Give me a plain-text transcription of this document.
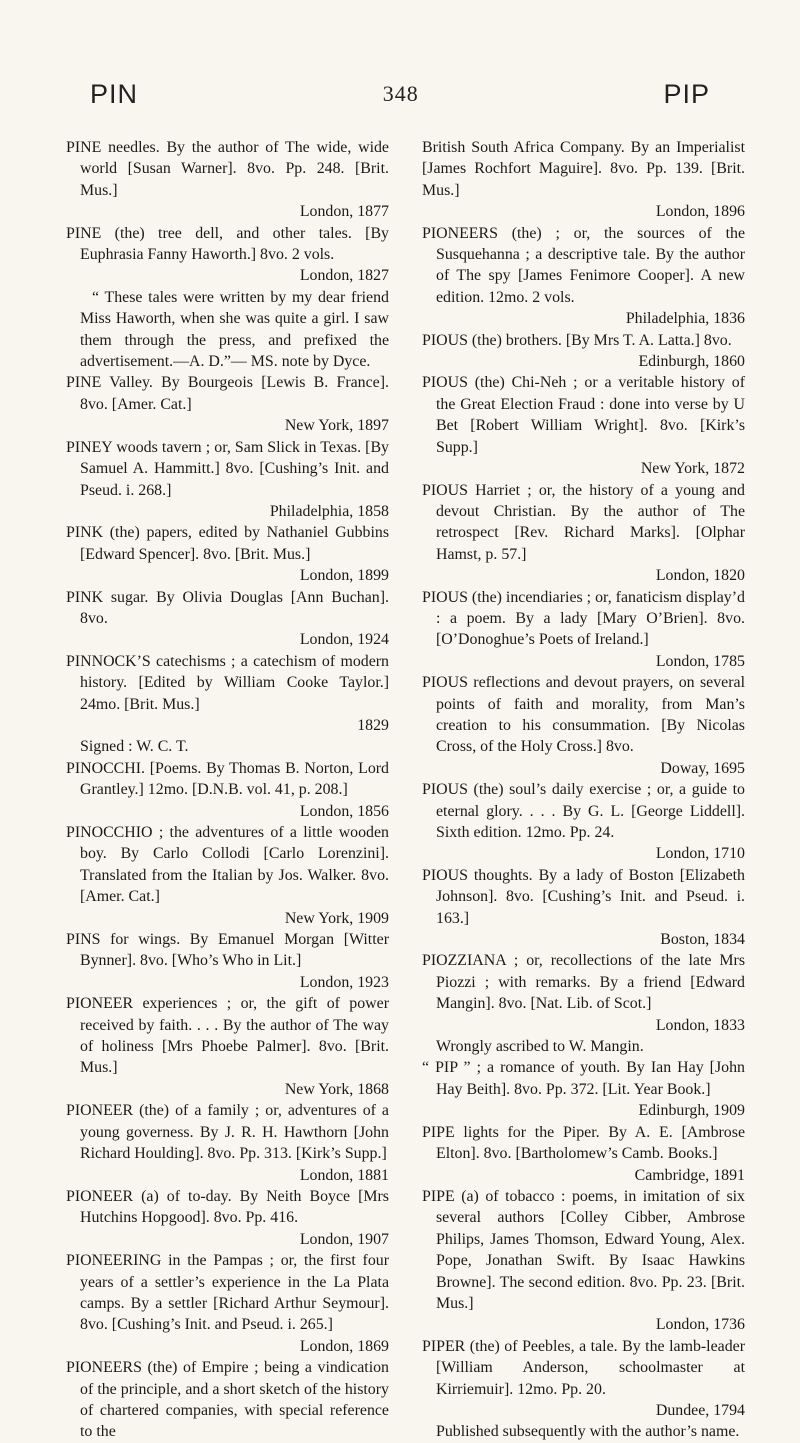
PIN	348	PIP
PINE needles. By the author of The wide, wide world [Susan Warner]. 8vo. Pp. 248. [Brit. Mus.]
London, 1877
PINE (the) tree dell, and other tales. [By Euphrasia Fanny Haworth.] 8vo. 2 vols.
London, 1827
“ These tales were written by my dear friend Miss Haworth, when she was quite a girl. I saw them through the press, and prefixed the advertisement.—A. D.”— MS. note by Dyce.
PINE Valley. By Bourgeois [Lewis B. France]. 8vo. [Amer. Cat.]
New York, 1897
PINEY woods tavern ; or, Sam Slick in Texas. [By Samuel A. Hammitt.] 8vo. [Cushing’s Init. and Pseud. i. 268.]
Philadelphia, 1858
PINK (the) papers, edited by Nathaniel Gubbins [Edward Spencer]. 8vo. [Brit. Mus.]
London, 1899
PINK sugar. By Olivia Douglas [Ann Buchan]. 8vo.
London, 1924
PINNOCK’S catechisms ; a catechism of modern history. [Edited by William Cooke Taylor.] 24mo. [Brit. Mus.]
1829
Signed : W. C. T.
PINOCCHI. [Poems. By Thomas B. Norton, Lord Grantley.] 12mo. [D.N.B. vol. 41, p. 208.]
London, 1856
PINOCCHIO ; the adventures of a little wooden boy. By Carlo Collodi [Carlo Lorenzini]. Translated from the Italian by Jos. Walker. 8vo. [Amer. Cat.]
New York, 1909
PINS for wings. By Emanuel Morgan [Witter Bynner]. 8vo. [Who’s Who in Lit.]
London, 1923
PIONEER experiences ; or, the gift of power received by faith. . . . By the author of The way of holiness [Mrs Phoebe Palmer]. 8vo. [Brit. Mus.]
New York, 1868
PIONEER (the) of a family ; or, adventures of a young governess. By J. R. H. Hawthorn [John Richard Houlding]. 8vo. Pp. 313. [Kirk’s Supp.]
London, 1881
PIONEER (a) of to-day. By Neith Boyce [Mrs Hutchins Hopgood]. 8vo. Pp. 416.
London, 1907
PIONEERING in the Pampas ; or, the first four years of a settler’s experience in the La Plata camps. By a settler [Richard Arthur Seymour]. 8vo. [Cushing’s Init. and Pseud. i. 265.]
London, 1869
PIONEERS (the) of Empire ; being a vindication of the principle, and a short sketch of the history of chartered companies, with special reference to the
British South Africa Company. By an Imperialist [James Rochfort Maguire]. 8vo. Pp. 139. [Brit. Mus.]
London, 1896
PIONEERS (the) ; or, the sources of the Susquehanna ; a descriptive tale. By the author of The spy [James Fenimore Cooper]. A new edition. 12mo. 2 vols.
Philadelphia, 1836
PIOUS (the) brothers. [By Mrs T. A. Latta.] 8vo.
Edinburgh, 1860
PIOUS (the) Chi-Neh ; or a veritable history of the Great Election Fraud : done into verse by U Bet [Robert William Wright]. 8vo. [Kirk’s Supp.]
New York, 1872
PIOUS Harriet ; or, the history of a young and devout Christian. By the author of The retrospect [Rev. Richard Marks]. [Olphar Hamst, p. 57.]
London, 1820
PIOUS (the) incendiaries ; or, fanaticism display’d : a poem. By a lady [Mary O’Brien]. 8vo. [O’Donoghue’s Poets of Ireland.]
London, 1785
PIOUS reflections and devout prayers, on several points of faith and morality, from Man’s creation to his consummation. [By Nicolas Cross, of the Holy Cross.] 8vo.
Doway, 1695
PIOUS (the) soul’s daily exercise ; or, a guide to eternal glory. . . . By G. L. [George Liddell]. Sixth edition. 12mo. Pp. 24.
London, 1710
PIOUS thoughts. By a lady of Boston [Elizabeth Johnson]. 8vo. [Cushing’s Init. and Pseud. i. 163.]
Boston, 1834
PIOZZIANA ; or, recollections of the late Mrs Piozzi ; with remarks. By a friend [Edward Mangin]. 8vo. [Nat. Lib. of Scot.]
London, 1833
Wrongly ascribed to W. Mangin.
“ PIP ” ; a romance of youth. By Ian Hay [John Hay Beith]. 8vo. Pp. 372. [Lit. Year Book.]
Edinburgh, 1909
PIPE lights for the Piper. By A. E. [Ambrose Elton]. 8vo. [Bartholomew’s Camb. Books.]
Cambridge, 1891
PIPE (a) of tobacco : poems, in imitation of six several authors [Colley Cibber, Ambrose Philips, James Thomson, Edward Young, Alex. Pope, Jonathan Swift. By Isaac Hawkins Browne]. The second edition. 8vo. Pp. 23. [Brit. Mus.]
London, 1736
PIPER (the) of Peebles, a tale. By the lamb-leader [William Anderson, schoolmaster at Kirriemuir]. 12mo. Pp. 20.
Dundee, 1794
Published subsequently with the author’s name.
